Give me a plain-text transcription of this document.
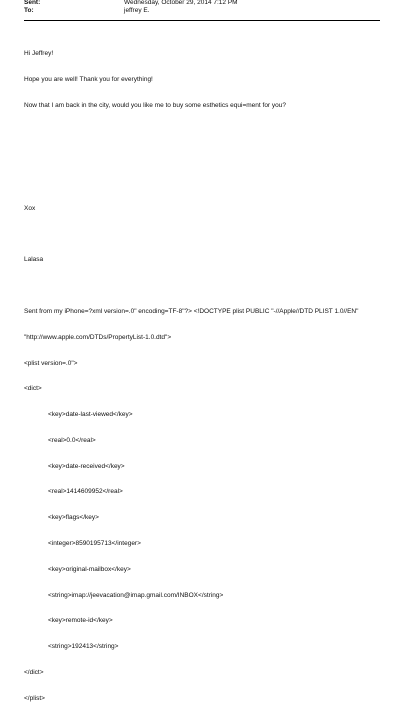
Sent:	Wednesday, October 29, 2014 7:12 PM
To:	jeffrey E.

Hi Jeffrey!

Hope you are well! Thank you for everything!

Now that I am back in the city, would you like me to buy some esthetics equi=ment for you?

Xox

Lalasa

Sent from my iPhone=?xml version=.0" encoding=TF-8"?> <!DOCTYPE plist PUBLIC "-//Apple//DTD PLIST 1.0//EN"

"http://www.apple.com/DTDs/PropertyList-1.0.dtd">

<plist version=.0">

<dict>

<key>date-last-viewed</key>

<real>0.0</real>

<key>date-received</key>

<real>1414609952</real>

<key>flags</key>

<integer>8590195713</integer>

<key>original-mailbox</key>

<string>imap://jeevacation@imap.gmail.com/INBOX</string>

<key>remote-id</key>

<string>192413</string>

</dict>

</plist>
